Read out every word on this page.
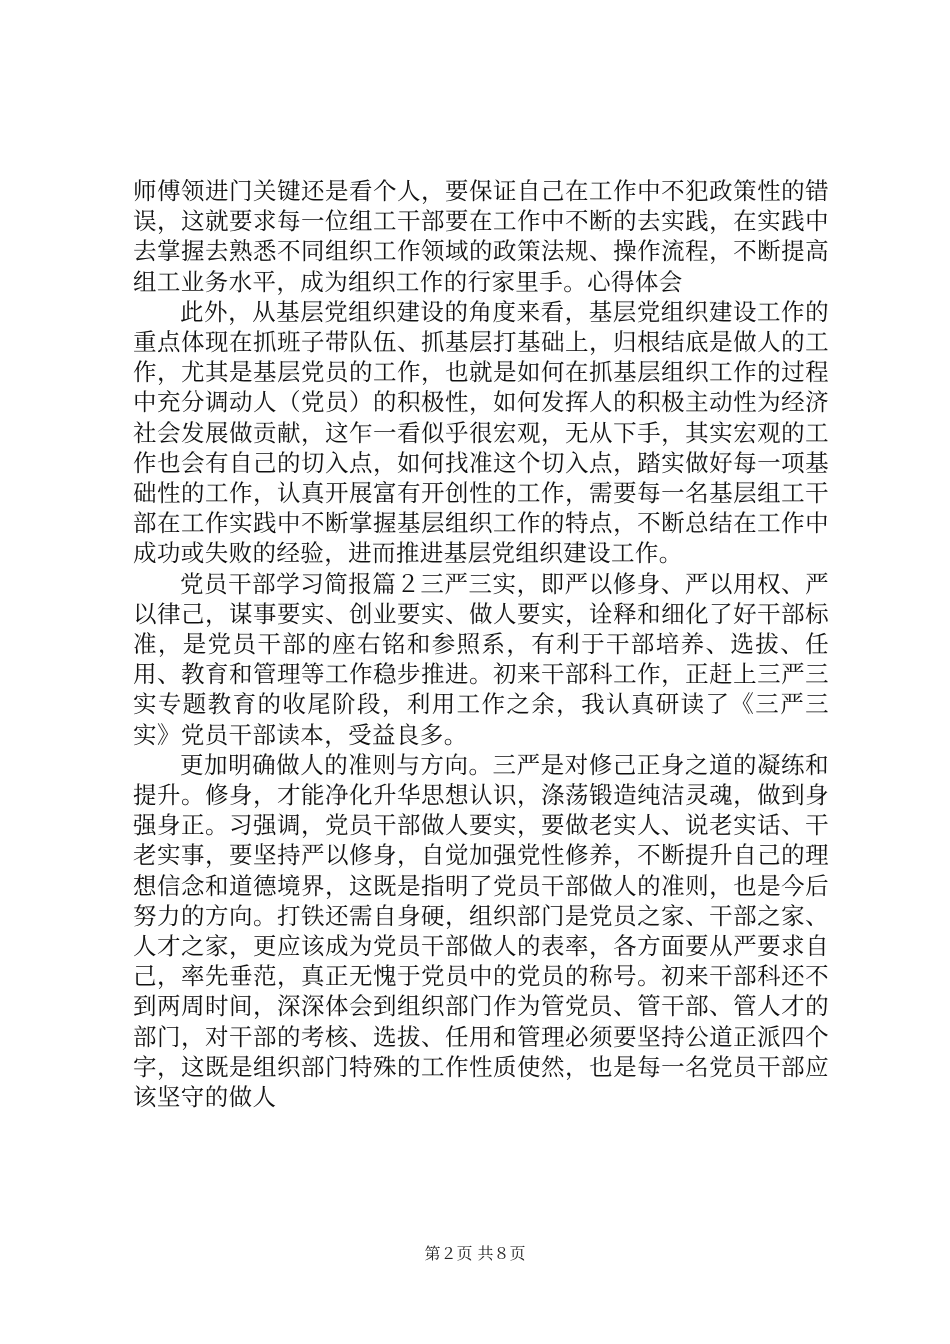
师傅领进门关键还是看个人，要保证自己在工作中不犯政策性的错误，这就要求每一位组工干部要在工作中不断的去实践，在实践中去掌握去熟悉不同组织工作领域的政策法规、操作流程，不断提高组工业务水平，成为组织工作的行家里手。心得体会

此外，从基层党组织建设的角度来看，基层党组织建设工作的重点体现在抓班子带队伍、抓基层打基础上，归根结底是做人的工作，尤其是基层党员的工作，也就是如何在抓基层组织工作的过程中充分调动人（党员）的积极性，如何发挥人的积极主动性为经济社会发展做贡献，这乍一看似乎很宏观，无从下手，其实宏观的工作也会有自己的切入点，如何找准这个切入点，踏实做好每一项基础性的工作，认真开展富有开创性的工作，需要每一名基层组工干部在工作实践中不断掌握基层组织工作的特点，不断总结在工作中成功或失败的经验，进而推进基层党组织建设工作。

党员干部学习简报篇２三严三实，即严以修身、严以用权、严以律己，谋事要实、创业要实、做人要实，诠释和细化了好干部标准，是党员干部的座右铭和参照系，有利于干部培养、选拔、任用、教育和管理等工作稳步推进。初来干部科工作，正赶上三严三实专题教育的收尾阶段，利用工作之余，我认真研读了《三严三实》党员干部读本，受益良多。

更加明确做人的准则与方向。三严是对修己正身之道的凝练和提升。修身，才能净化升华思想认识，涤荡锻造纯洁灵魂，做到身强身正。习强调，党员干部做人要实，要做老实人、说老实话、干老实事，要坚持严以修身，自觉加强党性修养，不断提升自己的理想信念和道德境界，这既是指明了党员干部做人的准则，也是今后努力的方向。打铁还需自身硬，组织部门是党员之家、干部之家、人才之家，更应该成为党员干部做人的表率，各方面要从严要求自己，率先垂范，真正无愧于党员中的党员的称号。初来干部科还不到两周时间，深深体会到组织部门作为管党员、管干部、管人才的部门，对干部的考核、选拔、任用和管理必须要坚持公道正派四个字，这既是组织部门特殊的工作性质使然，也是每一名党员干部应该坚守的做人

第２页 共８页
